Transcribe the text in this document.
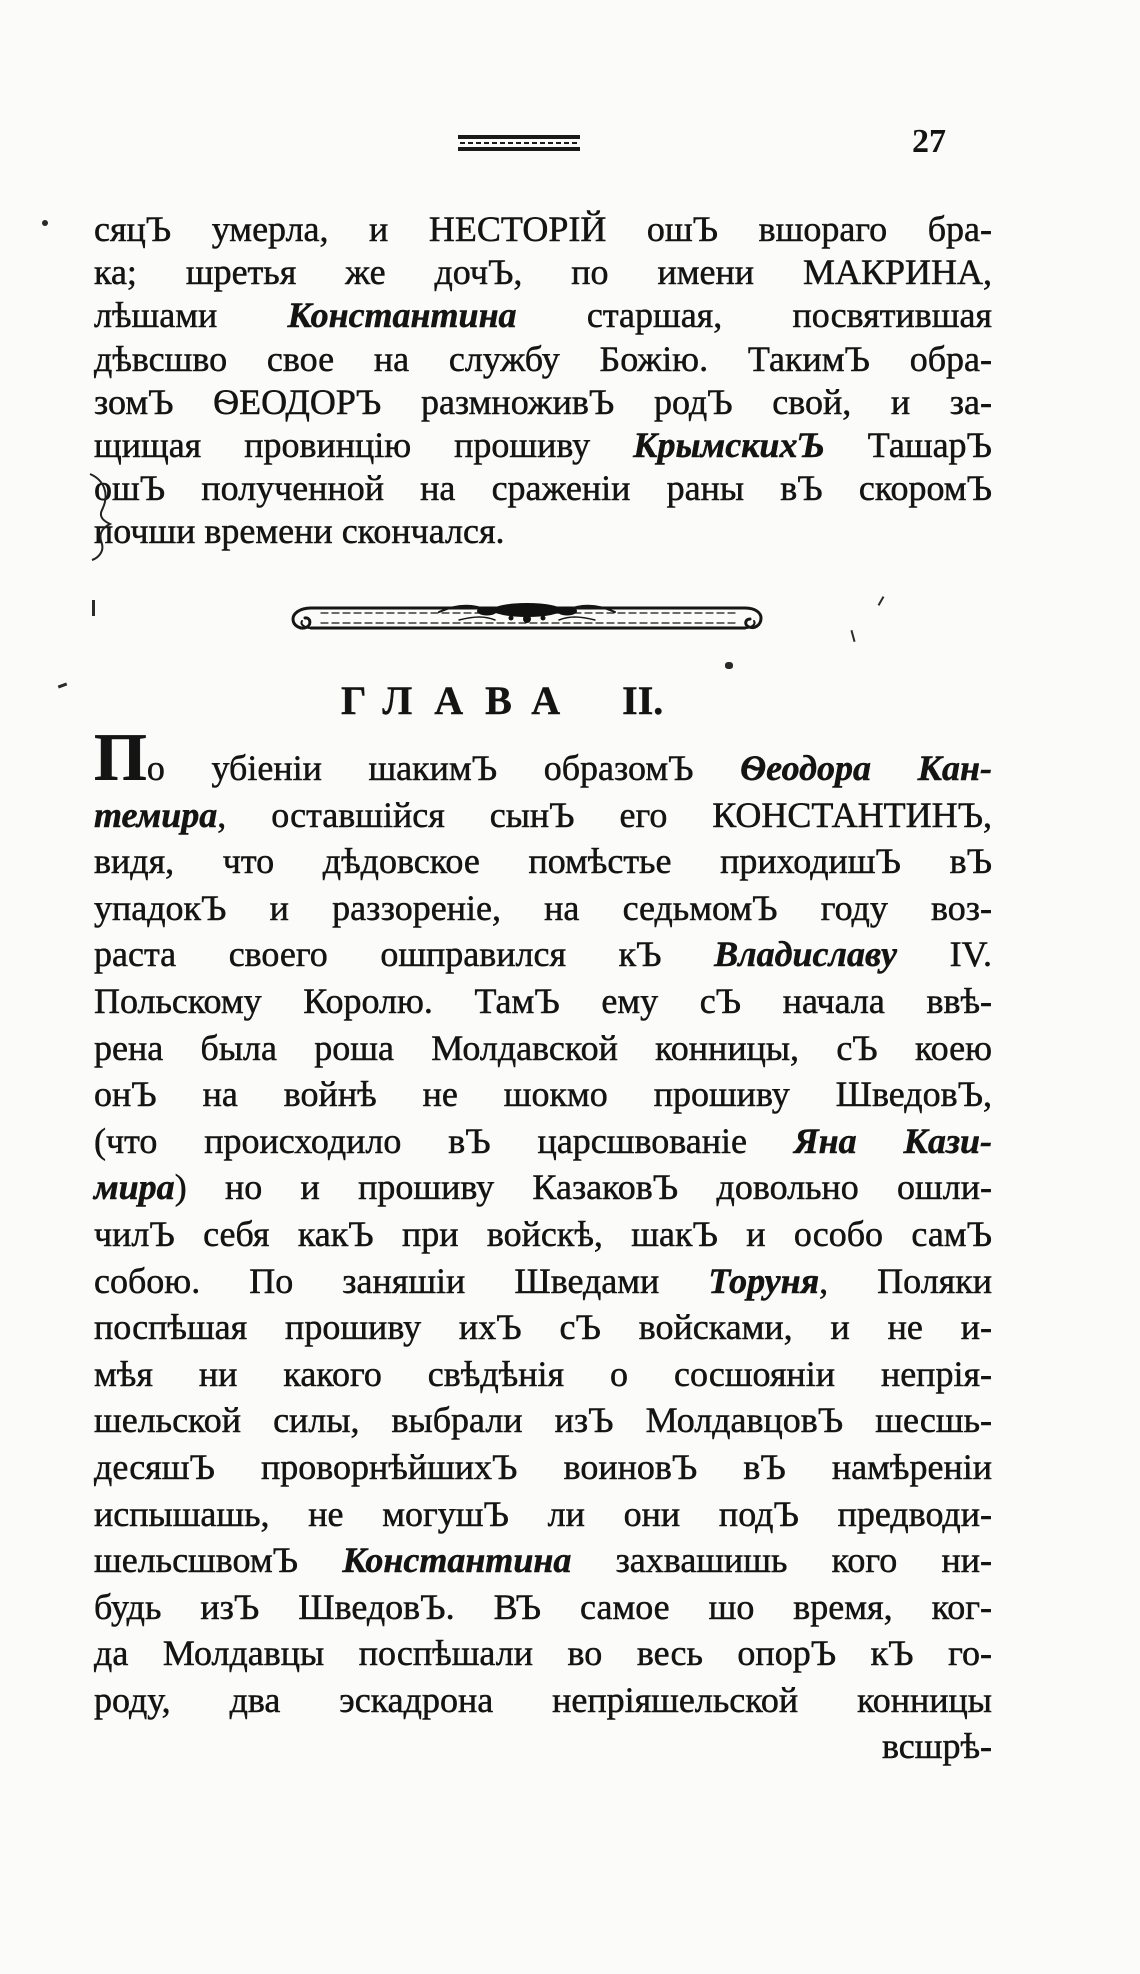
27
сяцЪ умерла, и НЕСТОРІЙ ошЪ вшораго бра-
ка; шретья же дочЪ, по имени МАКРИНА,
лѣшами Константина старшая, посвятившая
дѣвсшво свое на службу Божію. ТакимЪ обра-
зомЪ ѲЕОДОРЪ размноживЪ родЪ свой, и за-
щищая провинцію прошиву КрымскихЪ ТашарЪ
ошЪ полученной на сраженіи раны вЪ скоромЪ
почши времени скончался.
ГЛАВА II.
По убіеніи шакимЪ образомЪ Ѳеодора Кан-
темира, оставшійся сынЪ его КОНСТАНТИНЪ,
видя, что дѣдовское помѣстье приходишЪ вЪ
упадокЪ и раззореніе, на седьмомЪ году воз-
раста своего ошправился кЪ Владиславу IV.
Польскому Королю. ТамЪ ему сЪ начала ввѣ-
рена была роша Молдавской конницы, сЪ коею
онЪ на войнѣ не шокмо прошиву ШведовЪ,
(что происходило вЪ царсшвованіе Яна Кази-
мира) но и прошиву КазаковЪ довольно ошли-
чилЪ себя какЪ при войскѣ, шакЪ и особо самЪ
собою. По заняшіи Шведами Торуня, Поляки
поспѣшая прошиву ихЪ сЪ войсками, и не и-
мѣя ни какого свѣдѣнія о сосшояніи непрія-
шельской силы, выбрали изЪ МолдавцовЪ шесшь-
десяшЪ проворнѣйшихЪ воиновЪ вЪ намѣреніи
испышашь, не могушЪ ли они подЪ предводи-
шельсшвомЪ Константина захвашишь кого ни-
будь изЪ ШведовЪ. ВЪ самое шо время, ког-
да Молдавцы поспѣшали во весь опорЪ кЪ го-
роду, два эскадрона непріяшельской конницы
всшрѣ-
